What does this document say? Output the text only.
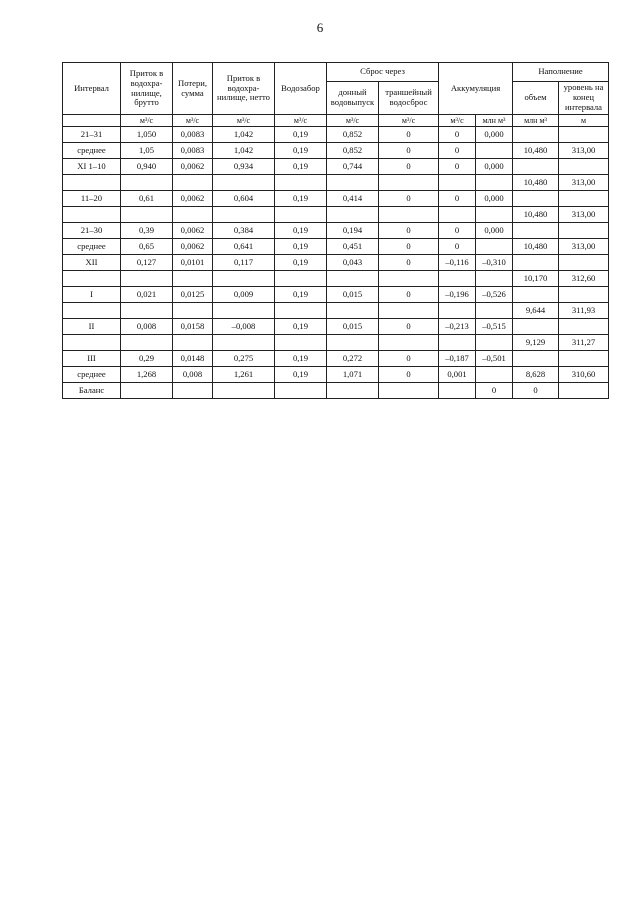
6
Интервал	Приток в водохра-нилище, брутто	Потери, сумма	Приток в водохра-нилище, нетто	Водозабор	Сброс через		Аккумуляция		Наполнение	
					донный водовыпуск	траншейный водосброс			объем	уровень на конец интервала
	м³/с	м³/с	м³/с	м³/с	м³/с	м³/с	м³/с	млн м³	млн м³	м
21–31	1,050	0,0083	1,042	0,19	0,852	0	0	0,000		
среднее	1,05	0,0083	1,042	0,19	0,852	0	0		10,480	313,00
XI 1–10	0,940	0,0062	0,934	0,19	0,744	0	0	0,000		
									10,480	313,00
11–20	0,61	0,0062	0,604	0,19	0,414	0	0	0,000		
									10,480	313,00
21–30	0,39	0,0062	0,384	0,19	0,194	0	0	0,000		
среднее	0,65	0,0062	0,641	0,19	0,451	0	0		10,480	313,00
XII	0,127	0,0101	0,117	0,19	0,043	0	–0,116	–0,310		
									10,170	312,60
I	0,021	0,0125	0,009	0,19	0,015	0	–0,196	–0,526		
									9,644	311,93
II	0,008	0,0158	–0,008	0,19	0,015	0	–0,213	–0,515		
									9,129	311,27
III	0,29	0,0148	0,275	0,19	0,272	0	–0,187	–0,501		
среднее	1,268	0,008	1,261	0,19	1,071	0	0,001		8,628	310,60
Баланс								0	0	
